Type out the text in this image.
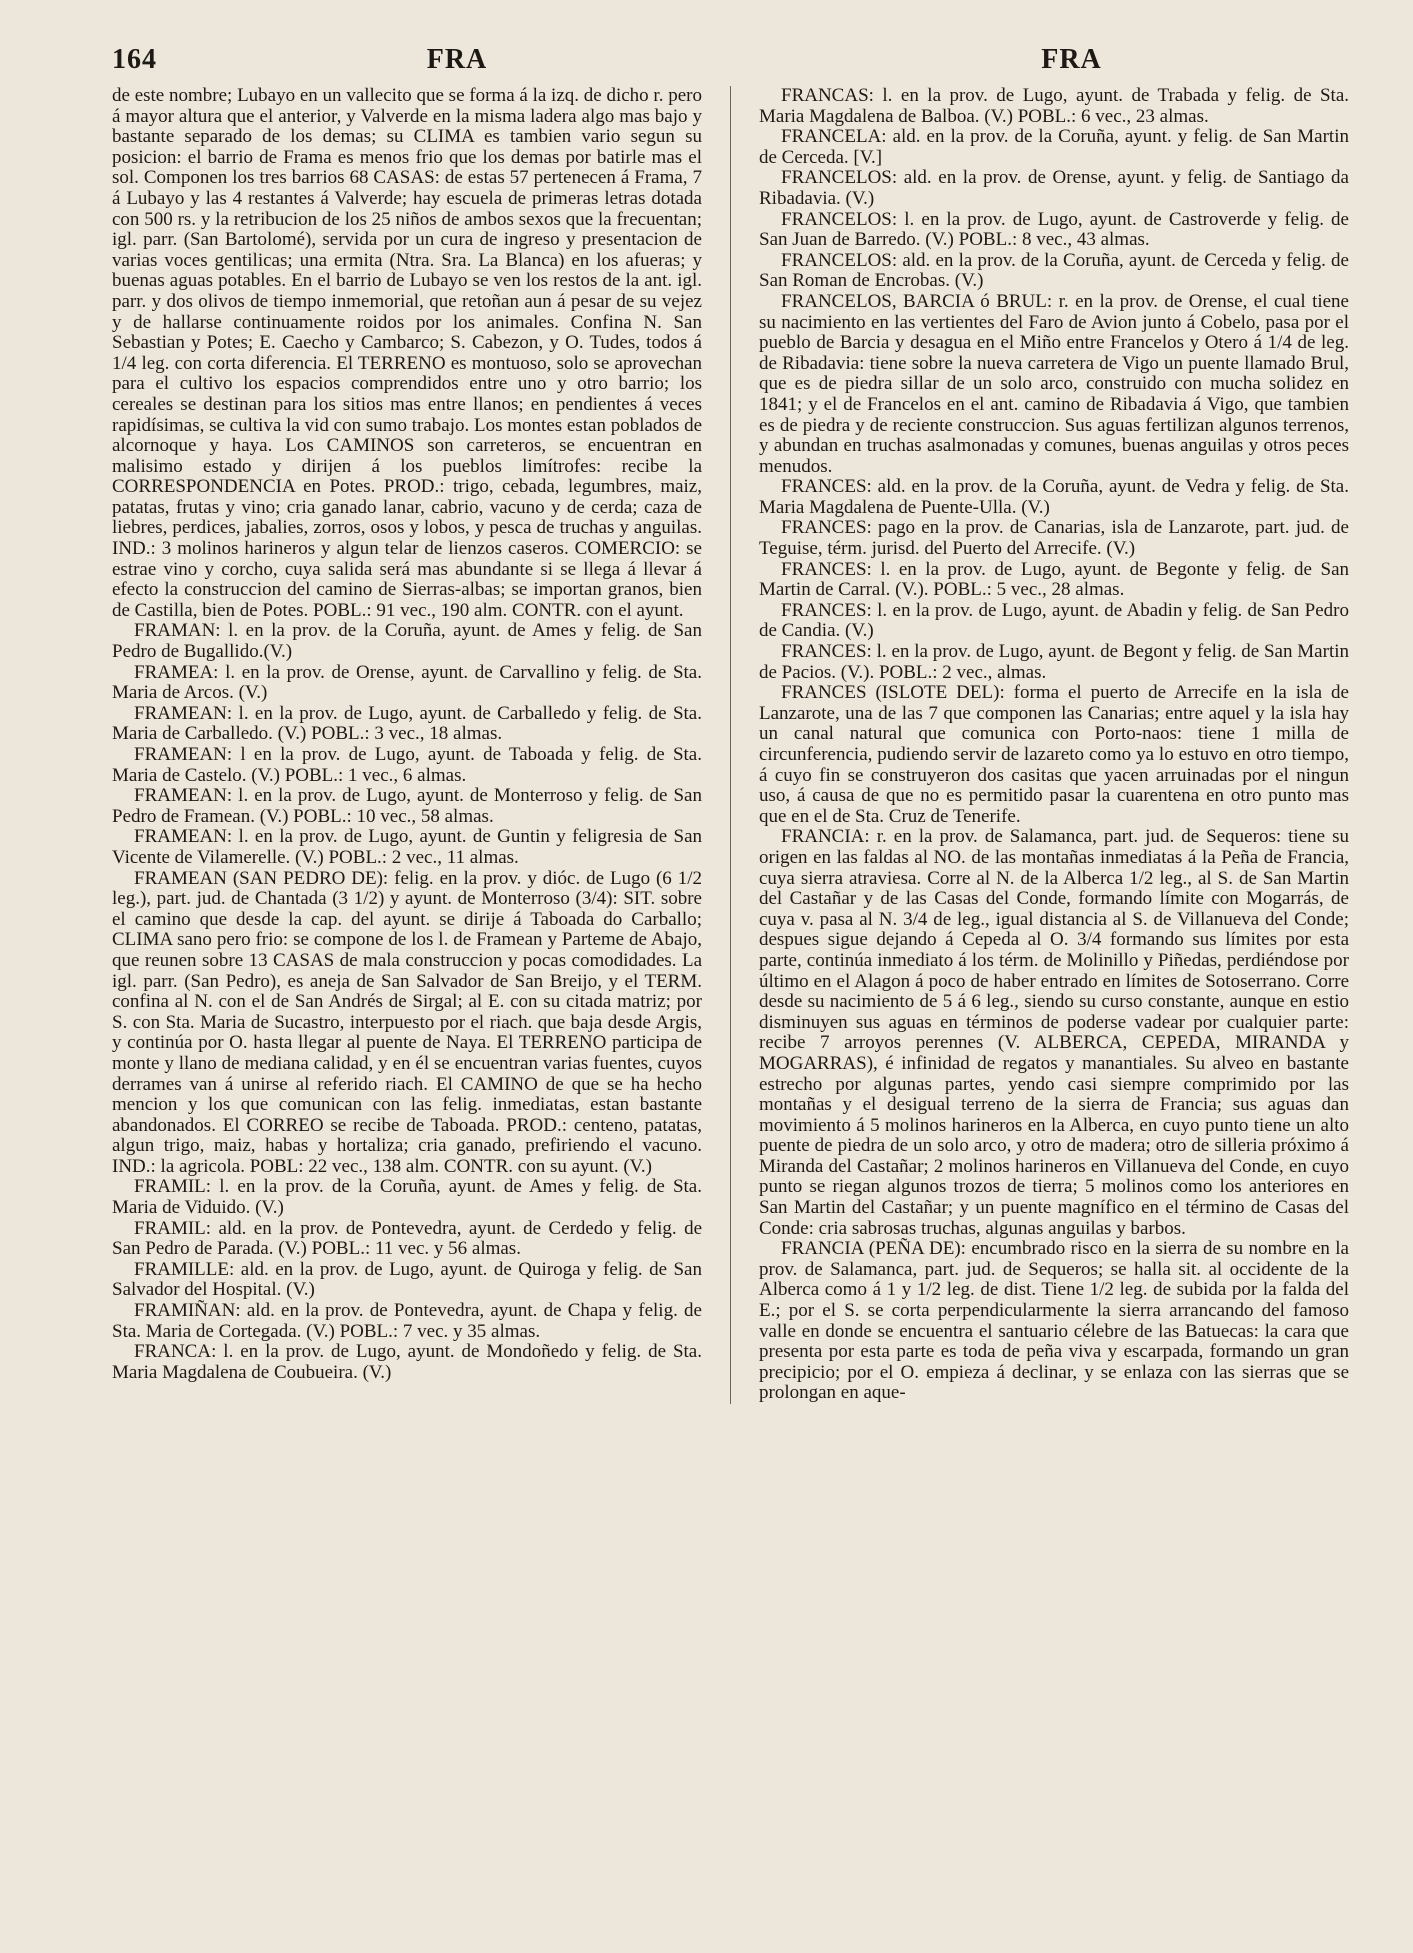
164	FRA	FRA

de este nombre; Lubayo en un vallecito que se forma á la izq. de dicho r. pero á mayor altura que el anterior, y Valverde en la misma ladera algo mas bajo y bastante separado de los demas; su CLIMA es tambien vario segun su posicion: el barrio de Frama es menos frio que los demas por batirle mas el sol. Componen los tres barrios 68 CASAS: de estas 57 pertenecen á Frama, 7 á Lubayo y las 4 restantes á Valverde; hay escuela de primeras letras dotada con 500 rs. y la retribucion de los 25 niños de ambos sexos que la frecuentan; igl. parr. (San Bartolomé), servida por un cura de ingreso y presentacion de varias voces gentilicas; una ermita (Ntra. Sra. La Blanca) en los afueras; y buenas aguas potables. En el barrio de Lubayo se ven los restos de la ant. igl. parr. y dos olivos de tiempo inmemorial, que retoñan aun á pesar de su vejez y de hallarse continuamente roidos por los animales. Confina N. San Sebastian y Potes; E. Caecho y Cambarco; S. Cabezon, y O. Tudes, todos á 1/4 leg. con corta diferencia. El TERRENO es montuoso, solo se aprovechan para el cultivo los espacios comprendidos entre uno y otro barrio; los cereales se destinan para los sitios mas entre llanos; en pendientes á veces rapidísimas, se cultiva la vid con sumo trabajo. Los montes estan poblados de alcornoque y haya. Los CAMINOS son carreteros, se encuentran en malisimo estado y dirijen á los pueblos limítrofes: recibe la CORRESPONDENCIA en Potes. PROD.: trigo, cebada, legumbres, maiz, patatas, frutas y vino; cria ganado lanar, cabrio, vacuno y de cerda; caza de liebres, perdices, jabalies, zorros, osos y lobos, y pesca de truchas y anguilas. IND.: 3 molinos harineros y algun telar de lienzos caseros. COMERCIO: se estrae vino y corcho, cuya salida será mas abundante si se llega á llevar á efecto la construccion del camino de Sierras-albas; se importan granos, bien de Castilla, bien de Potes. POBL.: 91 vec., 190 alm. CONTR. con el ayunt.

FRAMAN: l. en la prov. de la Coruña, ayunt. de Ames y felig. de San Pedro de Bugallido.(V.)

FRAMEA: l. en la prov. de Orense, ayunt. de Carvallino y felig. de Sta. Maria de Arcos. (V.)

FRAMEAN: l. en la prov. de Lugo, ayunt. de Carballedo y felig. de Sta. Maria de Carballedo. (V.) POBL.: 3 vec., 18 almas.

FRAMEAN: l en la prov. de Lugo, ayunt. de Taboada y felig. de Sta. Maria de Castelo. (V.) POBL.: 1 vec., 6 almas.

FRAMEAN: l. en la prov. de Lugo, ayunt. de Monterroso y felig. de San Pedro de Framean. (V.) POBL.: 10 vec., 58 almas.

FRAMEAN: l. en la prov. de Lugo, ayunt. de Guntin y feligresia de San Vicente de Vilamerelle. (V.) POBL.: 2 vec., 11 almas.

FRAMEAN (SAN PEDRO DE): felig. en la prov. y dióc. de Lugo (6 1/2 leg.), part. jud. de Chantada (3 1/2) y ayunt. de Monterroso (3/4): SIT. sobre el camino que desde la cap. del ayunt. se dirije á Taboada do Carballo; CLIMA sano pero frio: se compone de los l. de Framean y Parteme de Abajo, que reunen sobre 13 CASAS de mala construccion y pocas comodidades. La igl. parr. (San Pedro), es aneja de San Salvador de San Breijo, y el TERM. confina al N. con el de San Andrés de Sirgal; al E. con su citada matriz; por S. con Sta. Maria de Sucastro, interpuesto por el riach. que baja desde Argis, y continúa por O. hasta llegar al puente de Naya. El TERRENO participa de monte y llano de mediana calidad, y en él se encuentran varias fuentes, cuyos derrames van á unirse al referido riach. El CAMINO de que se ha hecho mencion y los que comunican con las felig. inmediatas, estan bastante abandonados. El CORREO se recibe de Taboada. PROD.: centeno, patatas, algun trigo, maiz, habas y hortaliza; cria ganado, prefiriendo el vacuno. IND.: la agricola. POBL: 22 vec., 138 alm. CONTR. con su ayunt. (V.)

FRAMIL: l. en la prov. de la Coruña, ayunt. de Ames y felig. de Sta. Maria de Viduido. (V.)

FRAMIL: ald. en la prov. de Pontevedra, ayunt. de Cerdedo y felig. de San Pedro de Parada. (V.) POBL.: 11 vec. y 56 almas.

FRAMILLE: ald. en la prov. de Lugo, ayunt. de Quiroga y felig. de San Salvador del Hospital. (V.)

FRAMIÑAN: ald. en la prov. de Pontevedra, ayunt. de Chapa y felig. de Sta. Maria de Cortegada. (V.) POBL.: 7 vec. y 35 almas.

FRANCA: l. en la prov. de Lugo, ayunt. de Mondoñedo y felig. de Sta. Maria Magdalena de Coubueira. (V.)

FRANCAS: l. en la prov. de Lugo, ayunt. de Trabada y felig. de Sta. Maria Magdalena de Balboa. (V.) POBL.: 6 vec., 23 almas.

FRANCELA: ald. en la prov. de la Coruña, ayunt. y felig. de San Martin de Cerceda. [V.]

FRANCELOS: ald. en la prov. de Orense, ayunt. y felig. de Santiago da Ribadavia. (V.)

FRANCELOS: l. en la prov. de Lugo, ayunt. de Castroverde y felig. de San Juan de Barredo. (V.) POBL.: 8 vec., 43 almas.

FRANCELOS: ald. en la prov. de la Coruña, ayunt. de Cerceda y felig. de San Roman de Encrobas. (V.)

FRANCELOS, BARCIA ó BRUL: r. en la prov. de Orense, el cual tiene su nacimiento en las vertientes del Faro de Avion junto á Cobelo, pasa por el pueblo de Barcia y desagua en el Miño entre Francelos y Otero á 1/4 de leg. de Ribadavia: tiene sobre la nueva carretera de Vigo un puente llamado Brul, que es de piedra sillar de un solo arco, construido con mucha solidez en 1841; y el de Francelos en el ant. camino de Ribadavia á Vigo, que tambien es de piedra y de reciente construccion. Sus aguas fertilizan algunos terrenos, y abundan en truchas asalmonadas y comunes, buenas anguilas y otros peces menudos.

FRANCES: ald. en la prov. de la Coruña, ayunt. de Vedra y felig. de Sta. Maria Magdalena de Puente-Ulla. (V.)

FRANCES: pago en la prov. de Canarias, isla de Lanzarote, part. jud. de Teguise, térm. jurisd. del Puerto del Arrecife. (V.)

FRANCES: l. en la prov. de Lugo, ayunt. de Begonte y felig. de San Martin de Carral. (V.). POBL.: 5 vec., 28 almas.

FRANCES: l. en la prov. de Lugo, ayunt. de Abadin y felig. de San Pedro de Candia. (V.)

FRANCES: l. en la prov. de Lugo, ayunt. de Begont y felig. de San Martin de Pacios. (V.). POBL.: 2 vec., almas.

FRANCES (ISLOTE DEL): forma el puerto de Arrecife en la isla de Lanzarote, una de las 7 que componen las Canarias; entre aquel y la isla hay un canal natural que comunica con Porto-naos: tiene 1 milla de circunferencia, pudiendo servir de lazareto como ya lo estuvo en otro tiempo, á cuyo fin se construyeron dos casitas que yacen arruinadas por el ningun uso, á causa de que no es permitido pasar la cuarentena en otro punto mas que en el de Sta. Cruz de Tenerife.

FRANCIA: r. en la prov. de Salamanca, part. jud. de Sequeros: tiene su origen en las faldas al NO. de las montañas inmediatas á la Peña de Francia, cuya sierra atraviesa. Corre al N. de la Alberca 1/2 leg., al S. de San Martin del Castañar y de las Casas del Conde, formando límite con Mogarrás, de cuya v. pasa al N. 3/4 de leg., igual distancia al S. de Villanueva del Conde; despues sigue dejando á Cepeda al O. 3/4 formando sus límites por esta parte, continúa inmediato á los térm. de Molinillo y Piñedas, perdiéndose por último en el Alagon á poco de haber entrado en límites de Sotoserrano. Corre desde su nacimiento de 5 á 6 leg., siendo su curso constante, aunque en estio disminuyen sus aguas en términos de poderse vadear por cualquier parte: recibe 7 arroyos perennes (V. ALBERCA, CEPEDA, MIRANDA y MOGARRAS), é infinidad de regatos y manantiales. Su alveo en bastante estrecho por algunas partes, yendo casi siempre comprimido por las montañas y el desigual terreno de la sierra de Francia; sus aguas dan movimiento á 5 molinos harineros en la Alberca, en cuyo punto tiene un alto puente de piedra de un solo arco, y otro de madera; otro de silleria próximo á Miranda del Castañar; 2 molinos harineros en Villanueva del Conde, en cuyo punto se riegan algunos trozos de tierra; 5 molinos como los anteriores en San Martin del Castañar; y un puente magnífico en el término de Casas del Conde: cria sabrosas truchas, algunas anguilas y barbos.

FRANCIA (PEÑA DE): encumbrado risco en la sierra de su nombre en la prov. de Salamanca, part. jud. de Sequeros; se halla sit. al occidente de la Alberca como á 1 y 1/2 leg. de dist. Tiene 1/2 leg. de subida por la falda del E.; por el S. se corta perpendicularmente la sierra arrancando del famoso valle en donde se encuentra el santuario célebre de las Batuecas: la cara que presenta por esta parte es toda de peña viva y escarpada, formando un gran precipicio; por el O. empieza á declinar, y se enlaza con las sierras que se prolongan en aque-
